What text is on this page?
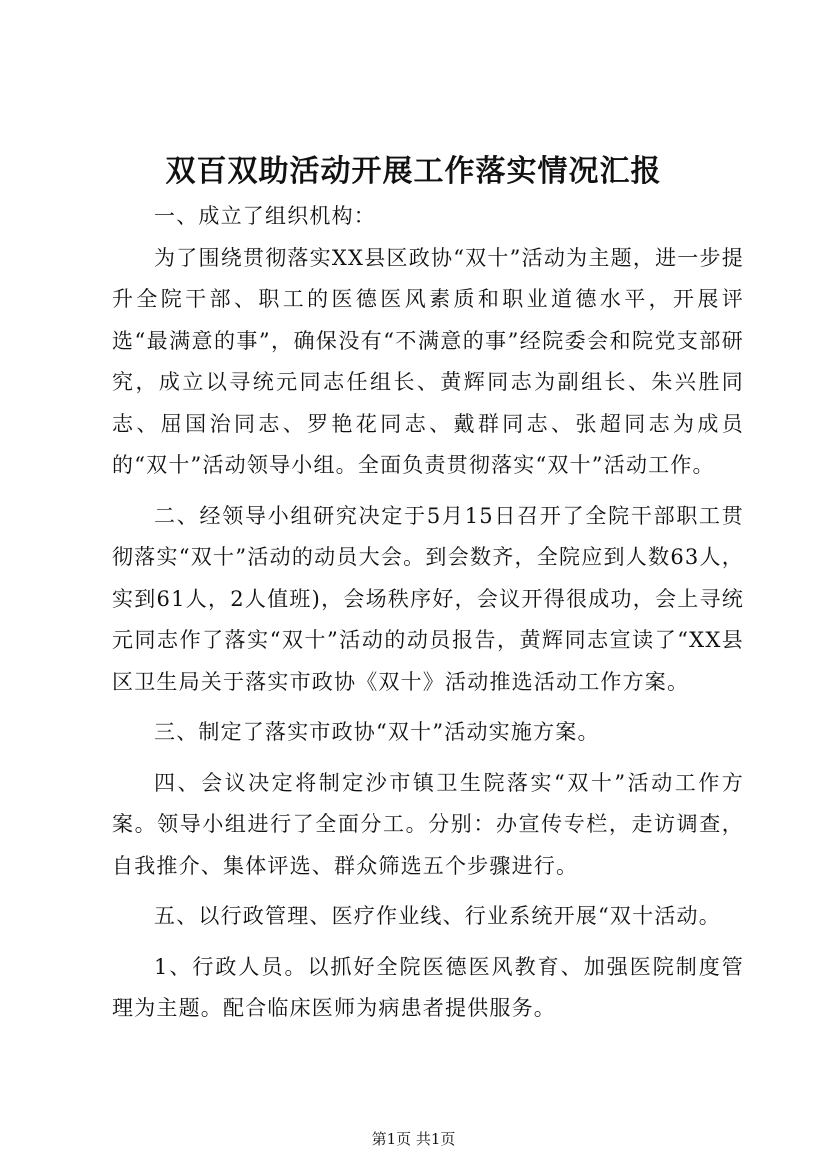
双百双助活动开展工作落实情况汇报

一、成立了组织机构：

为了围绕贯彻落实XX县区政协“双十”活动为主题，进一步提升全院干部、职工的医德医风素质和职业道德水平，开展评选“最满意的事”，确保没有“不满意的事”经院委会和院党支部研究，成立以寻统元同志任组长、黄辉同志为副组长、朱兴胜同志、屈国治同志、罗艳花同志、戴群同志、张超同志为成员的“双十”活动领导小组。全面负责贯彻落实“双十”活动工作。

二、经领导小组研究决定于5月15日召开了全院干部职工贯彻落实“双十”活动的动员大会。到会数齐，全院应到人数63人，实到61人，2人值班)，会场秩序好，会议开得很成功，会上寻统元同志作了落实“双十”活动的动员报告，黄辉同志宣读了“XX县区卫生局关于落实市政协《双十》活动推选活动工作方案。

三、制定了落实市政协“双十”活动实施方案。

四、会议决定将制定沙市镇卫生院落实“双十”活动工作方案。领导小组进行了全面分工。分别：办宣传专栏，走访调查，自我推介、集体评选、群众筛选五个步骤进行。

五、以行政管理、医疗作业线、行业系统开展“双十活动。

1、行政人员。以抓好全院医德医风教育、加强医院制度管理为主题。配合临床医师为病患者提供服务。

第1页 共1页
